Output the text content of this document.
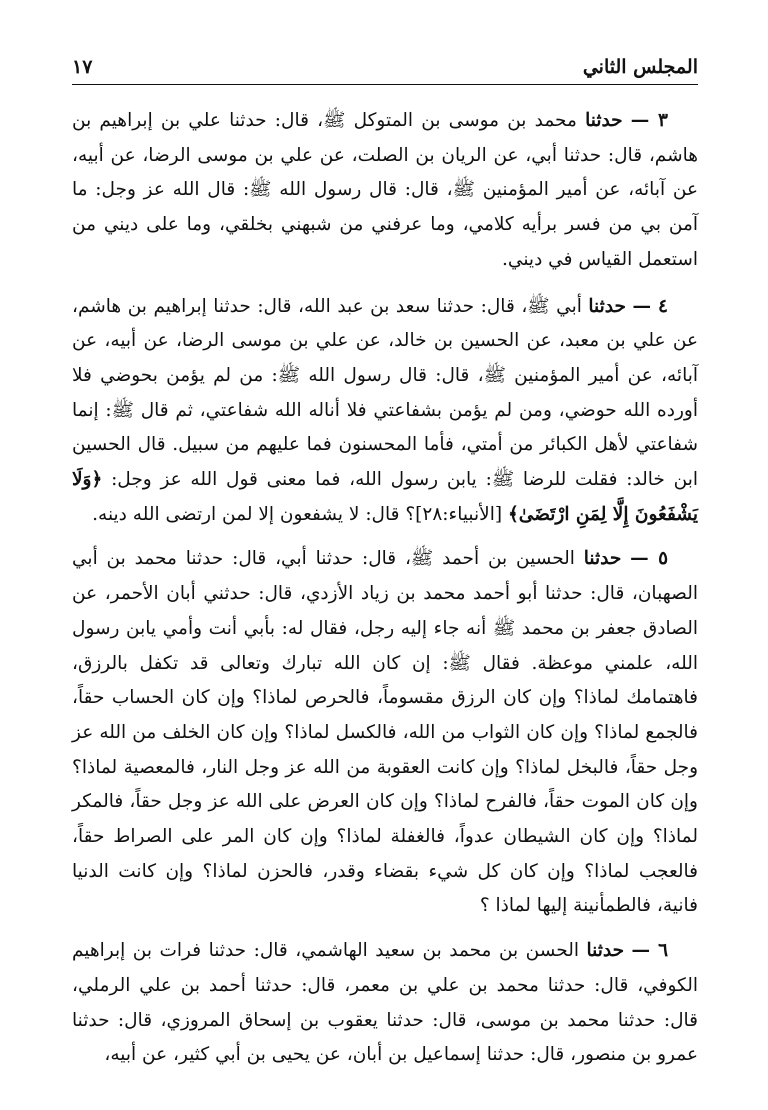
المجلس الثاني
١٧

٣ — حدثنا محمد بن موسى بن المتوكل ﷺ، قال: حدثنا علي بن إبراهيم بن هاشم، قال: حدثنا أبي، عن الريان بن الصلت، عن علي بن موسى الرضا، عن أبيه، عن آبائه، عن أمير المؤمنين ﷺ، قال: قال رسول الله ﷺ: قال الله عز وجل: ما آمن بي من فسر برأيه كلامي، وما عرفني من شبهني بخلقي، وما على ديني من استعمل القياس في ديني.

٤ — حدثنا أبي ﷺ، قال: حدثنا سعد بن عبد الله، قال: حدثنا إبراهيم بن هاشم، عن علي بن معبد، عن الحسين بن خالد، عن علي بن موسى الرضا، عن أبيه، عن آبائه، عن أمير المؤمنين ﷺ، قال: قال رسول الله ﷺ: من لم يؤمن بحوضي فلا أورده الله حوضي، ومن لم يؤمن بشفاعتي فلا أناله الله شفاعتي، ثم قال ﷺ: إنما شفاعتي لأهل الكبائر من أمتي، فأما المحسنون فما عليهم من سبيل. قال الحسين ابن خالد: فقلت للرضا ﷺ: يابن رسول الله، فما معنى قول الله عز وجل: ﴿وَلَا يَشْفَعُونَ إِلَّا لِمَنِ ارْتَضَىٰ﴾ [الأنبياء:٢٨]؟ قال: لا يشفعون إلا لمن ارتضى الله دينه.

٥ — حدثنا الحسين بن أحمد ﷺ، قال: حدثنا أبي، قال: حدثنا محمد بن أبي الصهبان، قال: حدثنا أبو أحمد محمد بن زياد الأزدي، قال: حدثني أبان الأحمر، عن الصادق جعفر بن محمد ﷺ أنه جاء إليه رجل، فقال له: بأبي أنت وأمي يابن رسول الله، علمني موعظة. فقال ﷺ: إن كان الله تبارك وتعالى قد تكفل بالرزق، فاهتمامك لماذا؟ وإن كان الرزق مقسوماً، فالحرص لماذا؟ وإن كان الحساب حقاً، فالجمع لماذا؟ وإن كان الثواب من الله، فالكسل لماذا؟ وإن كان الخلف من الله عز وجل حقاً، فالبخل لماذا؟ وإن كانت العقوبة من الله عز وجل النار، فالمعصية لماذا؟ وإن كان الموت حقاً، فالفرح لماذا؟ وإن كان العرض على الله عز وجل حقاً، فالمكر لماذا؟ وإن كان الشيطان عدواً، فالغفلة لماذا؟ وإن كان المر على الصراط حقاً، فالعجب لماذا؟ وإن كان كل شيء بقضاء وقدر، فالحزن لماذا؟ وإن كانت الدنيا فانية، فالطمأنينة إليها لماذا ؟

٦ — حدثنا الحسن بن محمد بن سعيد الهاشمي، قال: حدثنا فرات بن إبراهيم الكوفي، قال: حدثنا محمد بن علي بن معمر، قال: حدثنا أحمد بن علي الرملي، قال: حدثنا محمد بن موسى، قال: حدثنا يعقوب بن إسحاق المروزي، قال: حدثنا عمرو بن منصور، قال: حدثنا إسماعيل بن أبان، عن يحيى بن أبي كثير، عن أبيه،
